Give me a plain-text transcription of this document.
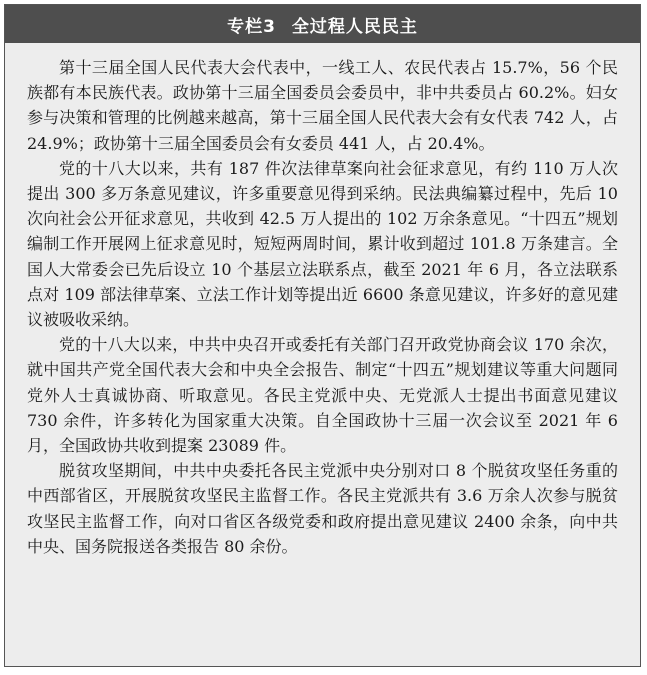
专栏3 全过程人民民主

第十三届全国人民代表大会代表中，一线工人、农民代表占 15.7%，56 个民族都有本民族代表。政协第十三届全国委员会委员中，非中共委员占 60.2%。妇女参与决策和管理的比例越来越高，第十三届全国人民代表大会有女代表 742 人，占 24.9%；政协第十三届全国委员会有女委员 441 人，占 20.4%。

党的十八大以来，共有 187 件次法律草案向社会征求意见，有约 110 万人次提出 300 多万条意见建议，许多重要意见得到采纳。民法典编纂过程中，先后 10 次向社会公开征求意见，共收到 42.5 万人提出的 102 万余条意见。“十四五”规划编制工作开展网上征求意见时，短短两周时间，累计收到超过 101.8 万条建言。全国人大常委会已先后设立 10 个基层立法联系点，截至 2021 年 6 月，各立法联系点对 109 部法律草案、立法工作计划等提出近 6600 条意见建议，许多好的意见建议被吸收采纳。

党的十八大以来，中共中央召开或委托有关部门召开政党协商会议 170 余次，就中国共产党全国代表大会和中央全会报告、制定“十四五”规划建议等重大问题同党外人士真诚协商、听取意见。各民主党派中央、无党派人士提出书面意见建议 730 余件，许多转化为国家重大决策。自全国政协十三届一次会议至 2021 年 6 月，全国政协共收到提案 23089 件。

脱贫攻坚期间，中共中央委托各民主党派中央分别对口 8 个脱贫攻坚任务重的中西部省区，开展脱贫攻坚民主监督工作。各民主党派共有 3.6 万余人次参与脱贫攻坚民主监督工作，向对口省区各级党委和政府提出意见建议 2400 余条，向中共中央、国务院报送各类报告 80 余份。
